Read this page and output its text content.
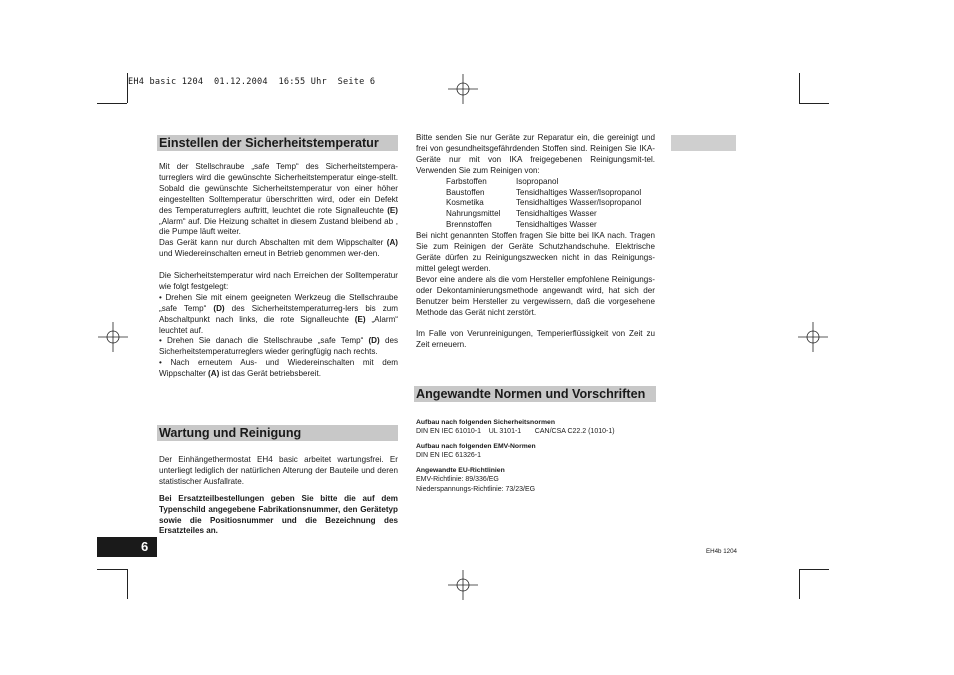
EH4 basic 1204  01.12.2004  16:55 Uhr  Seite 6
Einstellen der Sicherheitstemperatur

Mit der Stellschraube „safe Temp“ des Sicherheitstempera-turreglers wird die gewünschte Sicherheitstemperatur einge-stellt. Sobald die gewünschte Sicherheitstemperatur von einer höher eingestellten Solltemperatur überschritten wird, oder ein Defekt des Temperaturreglers auftritt, leuchtet die rote Signalleuchte (E) „Alarm“ auf. Die Heizung schaltet in diesem Zustand bleibend ab , die Pumpe läuft weiter.

Das Gerät kann nur durch Abschalten mit dem Wippschalter (A) und Wiedereinschalten erneut in Betrieb genommen wer-den.

Die Sicherheitstemperatur wird nach Erreichen der Solltemperatur wie folgt festgelegt:

• Drehen Sie mit einem geeigneten Werkzeug die Stellschraube „safe Temp“ (D) des Sicherheitstemperaturreg-lers bis zum Abschaltpunkt nach links, die rote Signalleuchte (E) „Alarm“ leuchtet auf.

• Drehen Sie danach die Stellschraube „safe Temp“ (D) des Sicherheitstemperaturreglers wieder geringfügig nach rechts.

• Nach erneutem Aus- und Wiedereinschalten mit dem Wippschalter (A) ist das Gerät betriebsbereit.

Wartung und Reinigung

Der Einhängethermostat EH4 basic arbeitet wartungsfrei. Er unterliegt lediglich der natürlichen Alterung der Bauteile und deren statistischer Ausfallrate.

Bei Ersatzteilbestellungen geben Sie bitte die auf dem Typenschild angegebene Fabrikationsnummer, den Gerätetyp sowie die Positiosnummer und die Bezeichnung des Ersatzteiles an.

Bitte senden Sie nur Geräte zur Reparatur ein, die gereinigt und frei von gesundheitsgefährdenden Stoffen sind. Reinigen Sie IKA-Geräte nur mit von IKA freigegebenen Reinigungsmit-tel. Verwenden Sie zum Reinigen von:

Farbstoffen	Isopropanol
Baustoffen	Tensidhaltiges Wasser/Isopropanol
Kosmetika	Tensidhaltiges Wasser/Isopropanol
Nahrungsmittel	Tensidhaltiges Wasser
Brennstoffen	Tensidhaltiges Wasser

Bei nicht genannten Stoffen fragen Sie bitte bei IKA nach. Tragen Sie zum Reinigen der Geräte Schutzhandschuhe. Elektrische Geräte dürfen zu Reinigungszwecken nicht in das Reinigungs-mittel gelegt werden.

Bevor eine andere als die vom Hersteller empfohlene Reinigungs- oder Dekontaminierungsmethode angewandt wird, hat sich der Benutzer beim Hersteller zu vergewissern, daß die vorgesehene Methode das Gerät nicht zerstört.

Im Falle von Verunreinigungen, Temperierflüssigkeit von Zeit zu Zeit erneuern.

Angewandte Normen und Vorschriften
Aufbau nach folgenden Sicherheitsnormen
DIN EN IEC 61010-1    UL 3101-1       CAN/CSA C22.2 (1010-1)
Aufbau nach folgenden EMV-Normen
DIN EN IEC 61326-1
Angewandte EU-Richtlinien
EMV-Richtlinie: 89/336/EG
Niederspannungs-Richtlinie: 73/23/EG
6	EH4b 1204
